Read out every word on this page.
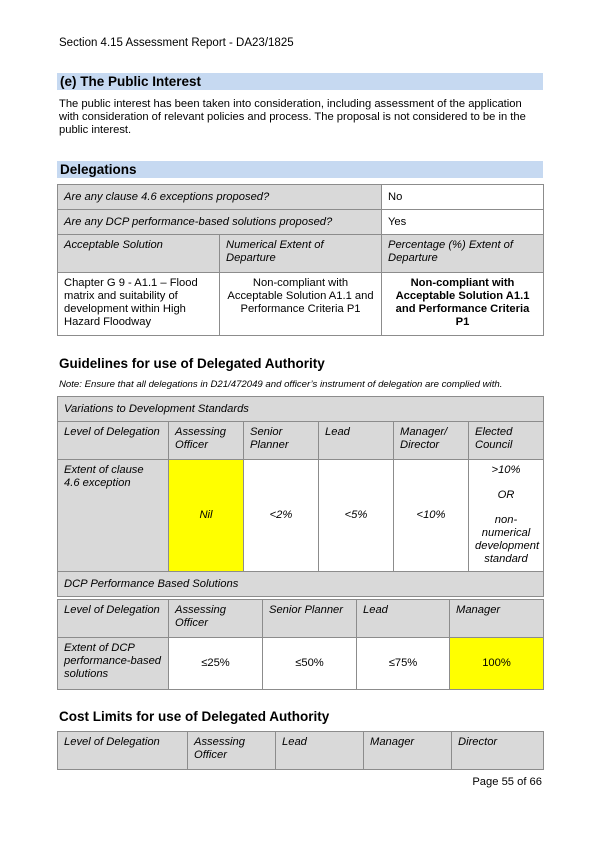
Section 4.15 Assessment Report - DA23/1825
(e) The Public Interest
The public interest has been taken into consideration, including assessment of the application with consideration of relevant policies and process. The proposal is not considered to be in the public interest.
Delegations
Are any clause 4.6 exceptions proposed?		No
Are any DCP performance-based solutions proposed?		Yes
Acceptable Solution	Numerical Extent of Departure	Percentage (%) Extent of Departure
Chapter G 9 - A1.1 – Flood matrix and suitability of development within High Hazard Floodway	Non-compliant with Acceptable Solution A1.1 and Performance Criteria P1	Non-compliant with Acceptable Solution A1.1 and Performance Criteria P1
Guidelines for use of Delegated Authority
Note: Ensure that all delegations in D21/472049 and officer’s instrument of delegation are complied with.
Variations to Development Standards					
Level of Delegation	Assessing Officer	Senior Planner	Lead	Manager/ Director	Elected Council
Extent of clause 4.6 exception	Nil	<2%	<5%	<10%	>10%
OR
non-numerical development standard

DCP Performance Based Solutions					
Level of Delegation	Assessing Officer	Senior Planner	Lead	Manager
Extent of DCP performance-based solutions	≤25%	≤50%	≤75%	100%
Cost Limits for use of Delegated Authority
Level of Delegation	Assessing Officer	Lead	Manager	Director
Page 55 of 66
